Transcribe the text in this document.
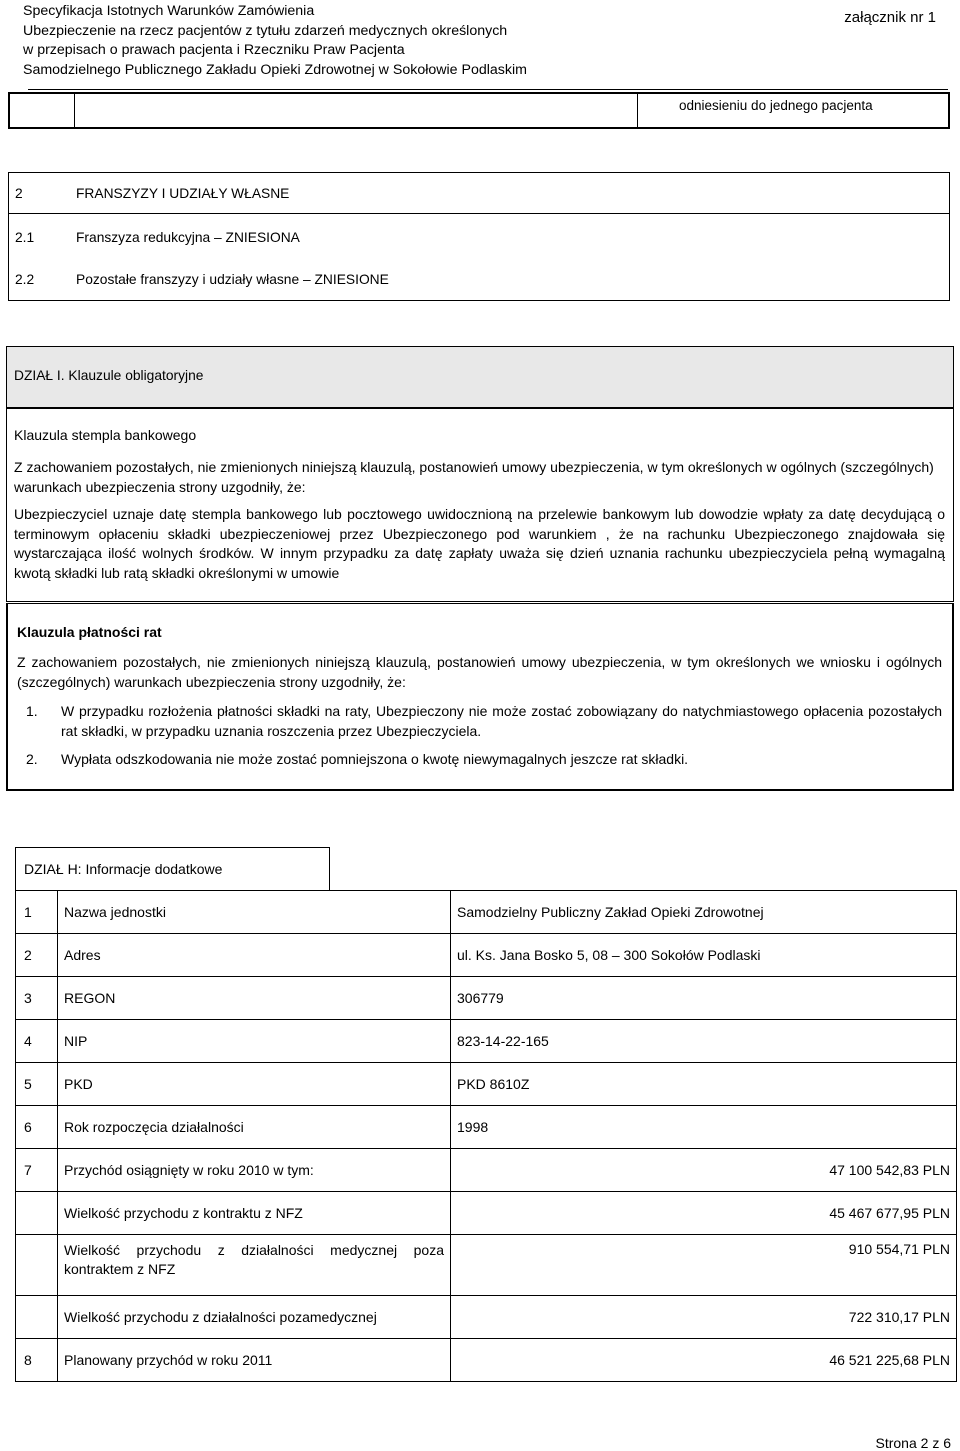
Specyfikacja Istotnych Warunków Zamówienia
Ubezpieczenie na rzecz pacjentów z tytułu zdarzeń medycznych określonych
w przepisach o prawach pacjenta i Rzeczniku Praw Pacjenta
Samodzielnego Publicznego Zakładu Opieki Zdrowotnej w Sokołowie Podlaskim
załącznik nr 1
odniesieniu do jednego pacjenta
2	FRANSZYZY I UDZIAŁY WŁASNE
2.1	Franszyza redukcyjna – ZNIESIONA
2.2	Pozostałe franszyzy i udziały własne – ZNIESIONE
DZIAŁ I. Klauzule obligatoryjne
Klauzula stempla bankowego
Z zachowaniem pozostałych, nie zmienionych niniejszą klauzulą, postanowień umowy ubezpieczenia, w tym określonych w ogólnych (szczególnych) warunkach ubezpieczenia strony uzgodniły, że:
Ubezpieczyciel uznaje datę stempla bankowego lub pocztowego uwidocznioną na przelewie bankowym lub dowodzie wpłaty za datę decydującą o terminowym opłaceniu składki ubezpieczeniowej przez Ubezpieczonego pod warunkiem , że na rachunku Ubezpieczonego znajdowała się wystarczająca ilość wolnych środków. W innym przypadku za datę zapłaty uważa się dzień uznania rachunku ubezpieczyciela pełną wymagalną kwotą składki lub ratą składki określonymi w umowie
Klauzula płatności rat
Z zachowaniem pozostałych, nie zmienionych niniejszą klauzulą, postanowień umowy ubezpieczenia, w tym określonych we wniosku i ogólnych (szczególnych) warunkach ubezpieczenia strony uzgodniły, że:
1. W przypadku rozłożenia płatności składki na raty, Ubezpieczony nie może zostać zobowiązany do natychmiastowego opłacenia pozostałych rat składki, w przypadku uznania roszczenia przez Ubezpieczyciela.
2. Wypłata odszkodowania nie może zostać pomniejszona o kwotę niewymagalnych jeszcze rat składki.
DZIAŁ H: Informacje dodatkowe
1	Nazwa jednostki	Samodzielny Publiczny Zakład Opieki Zdrowotnej
2	Adres	ul. Ks. Jana Bosko 5, 08 – 300 Sokołów Podlaski
3	REGON	306779
4	NIP	823-14-22-165
5	PKD	PKD 8610Z
6	Rok rozpoczęcia działalności	1998
7	Przychód osiągnięty w roku 2010 w tym:	47 100 542,83 PLN
	Wielkość przychodu z kontraktu z NFZ	45 467 677,95 PLN
	Wielkość przychodu z działalności medycznej poza kontraktem z NFZ	910 554,71 PLN
	Wielkość przychodu z działalności pozamedycznej	722 310,17 PLN
8	Planowany przychód w roku 2011	46 521 225,68 PLN
Strona 2 z 6
